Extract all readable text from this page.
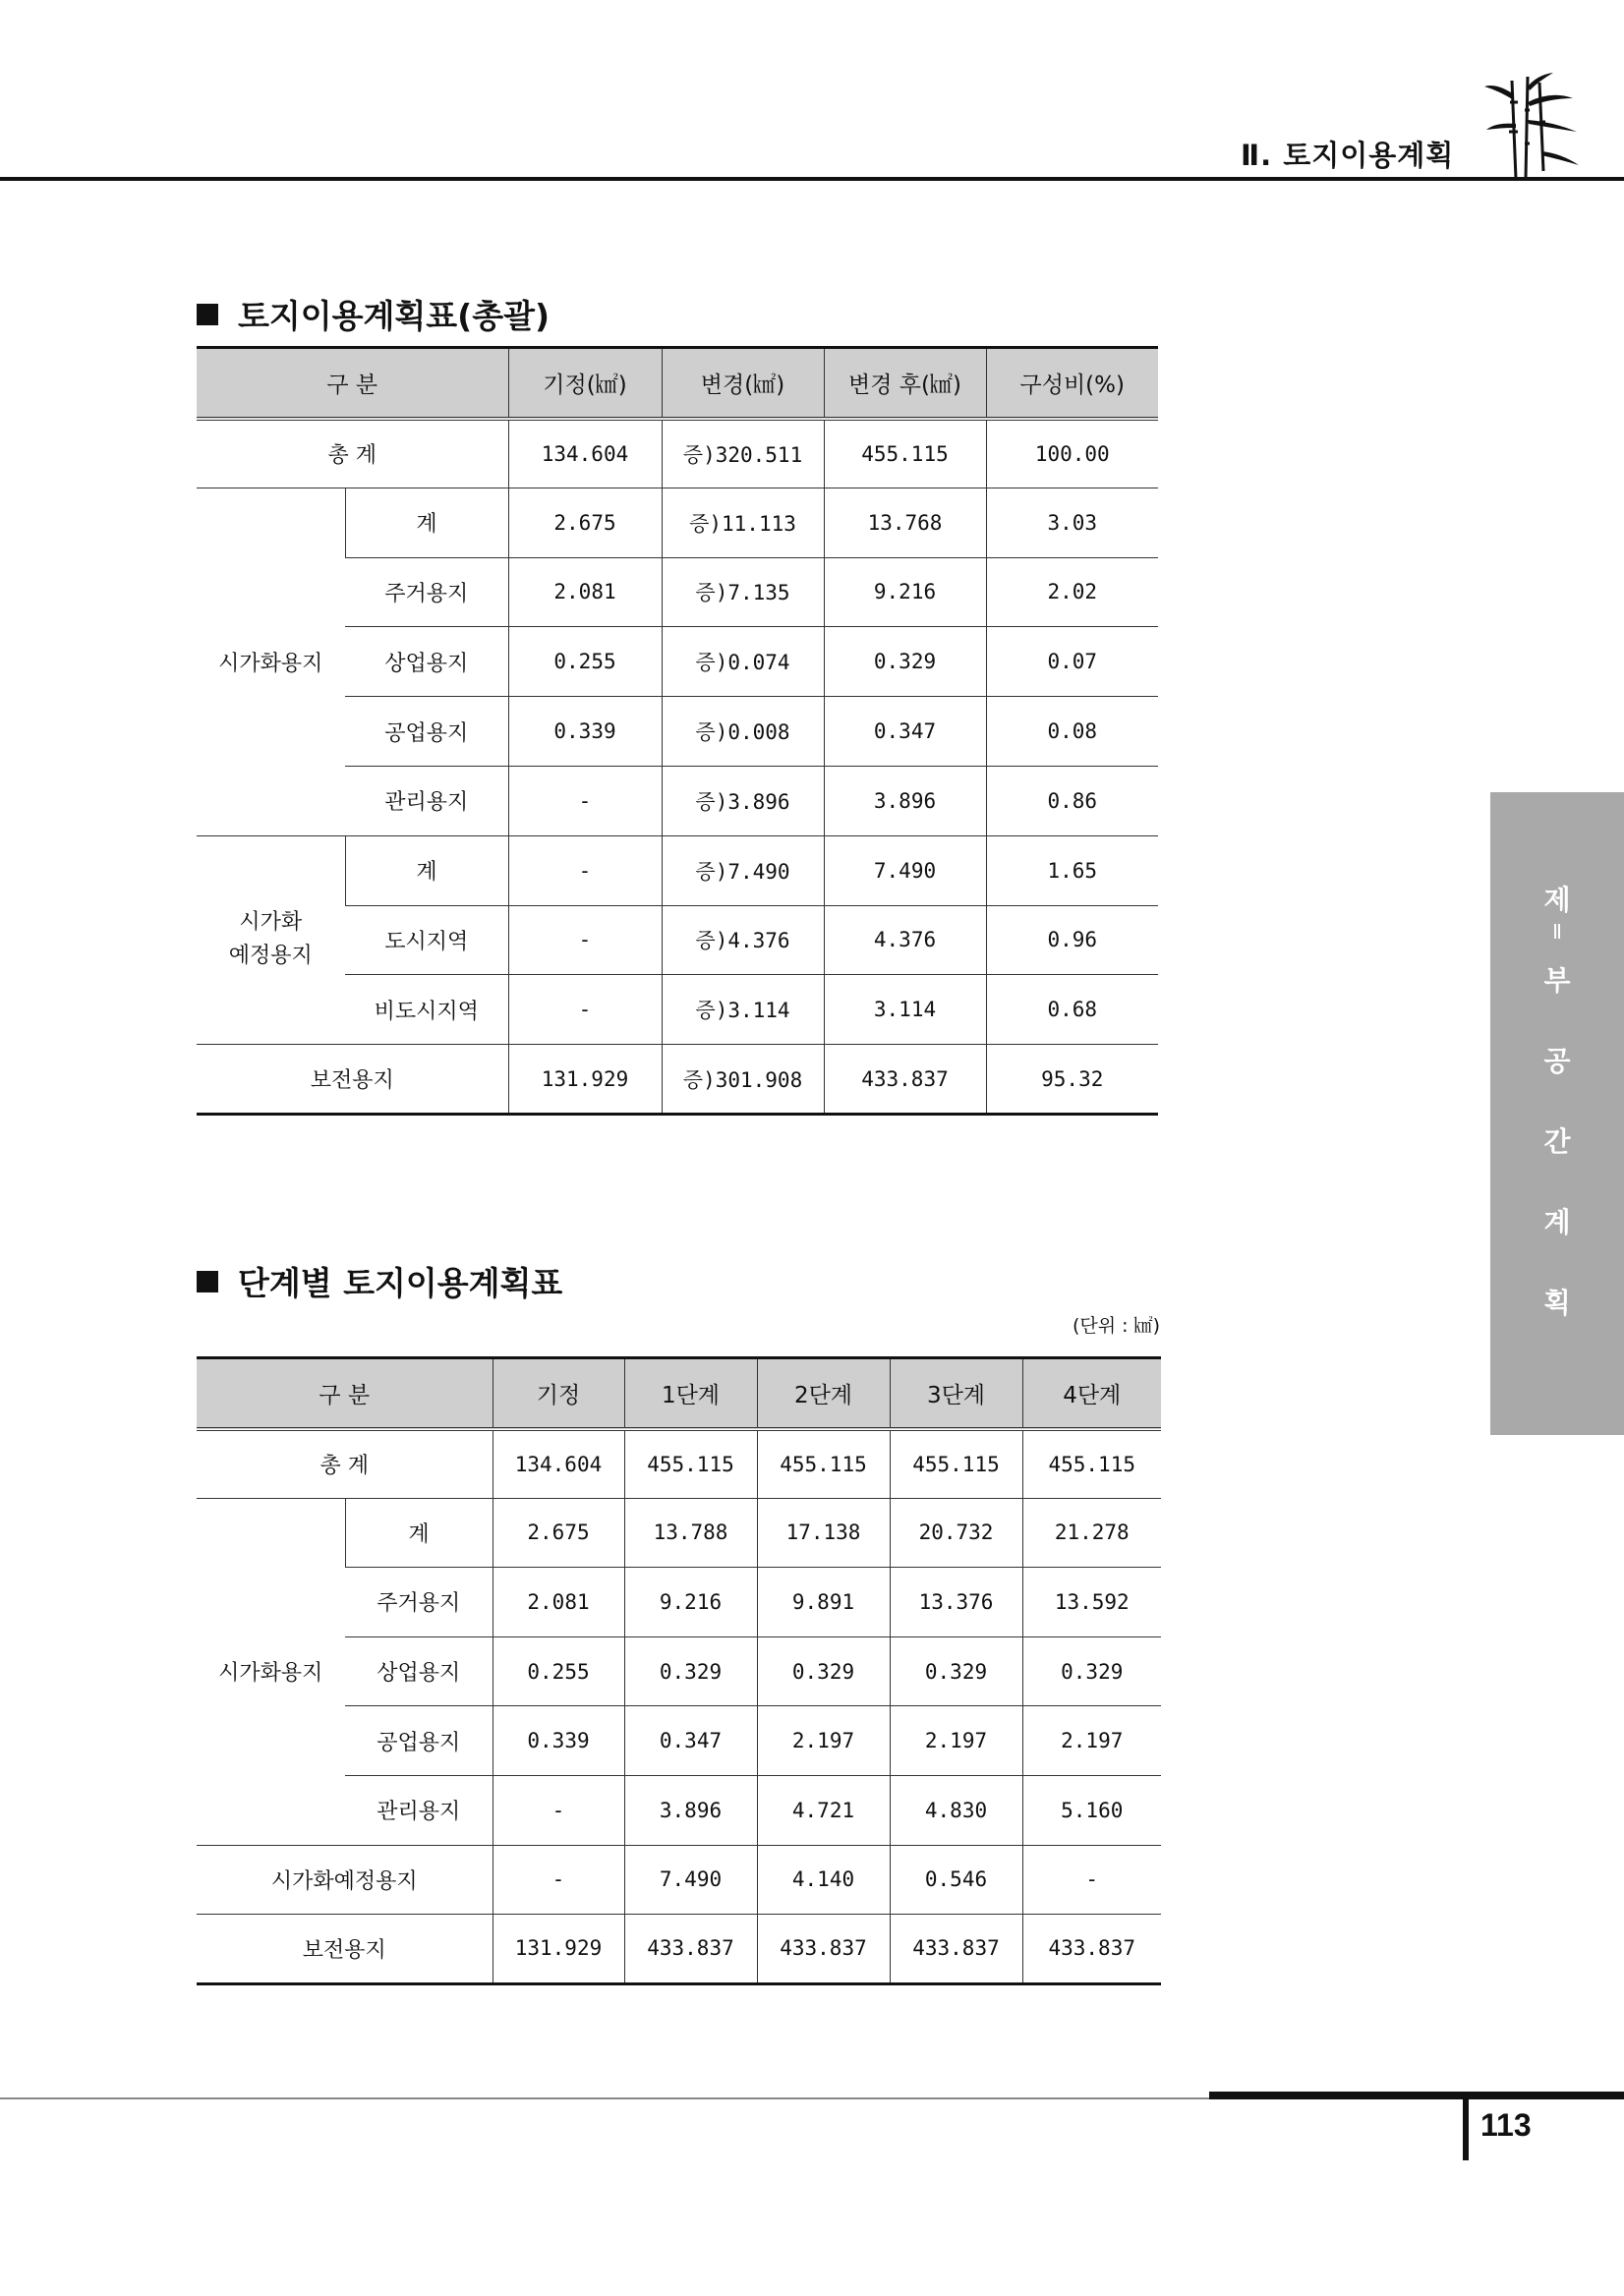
Ⅱ. 토지이용계획
토지이용계획표(총괄)
구 분		기정(㎢)	변경(㎢)	변경 후(㎢)	구성비(%)
총 계		134.604	증)320.511	455.115	100.00
시가화용지	계	2.675	증)11.113	13.768	3.03
	주거용지	2.081	증)7.135	9.216	2.02
	상업용지	0.255	증)0.074	0.329	0.07
	공업용지	0.339	증)0.008	0.347	0.08
	관리용지	-	증)3.896	3.896	0.86
시가화
예정용지	계	-	증)7.490	7.490	1.65
	도시지역	-	증)4.376	4.376	0.96
	비도시지역	-	증)3.114	3.114	0.68
보전용지		131.929	증)301.908	433.837	95.32
단계별 토지이용계획표
(단위 : ㎢)
구 분		기정	1단계	2단계	3단계	4단계
총 계		134.604	455.115	455.115	455.115	455.115
시가화용지	계	2.675	13.788	17.138	20.732	21.278
	주거용지	2.081	9.216	9.891	13.376	13.592
	상업용지	0.255	0.329	0.329	0.329	0.329
	공업용지	0.339	0.347	2.197	2.197	2.197
	관리용지	-	3.896	4.721	4.830	5.160
시가화예정용지		-	7.490	4.140	0.546	-
보전용지		131.929	433.837	433.837	433.837	433.837
제
Ⅱ
부
공
간
계
획
113
